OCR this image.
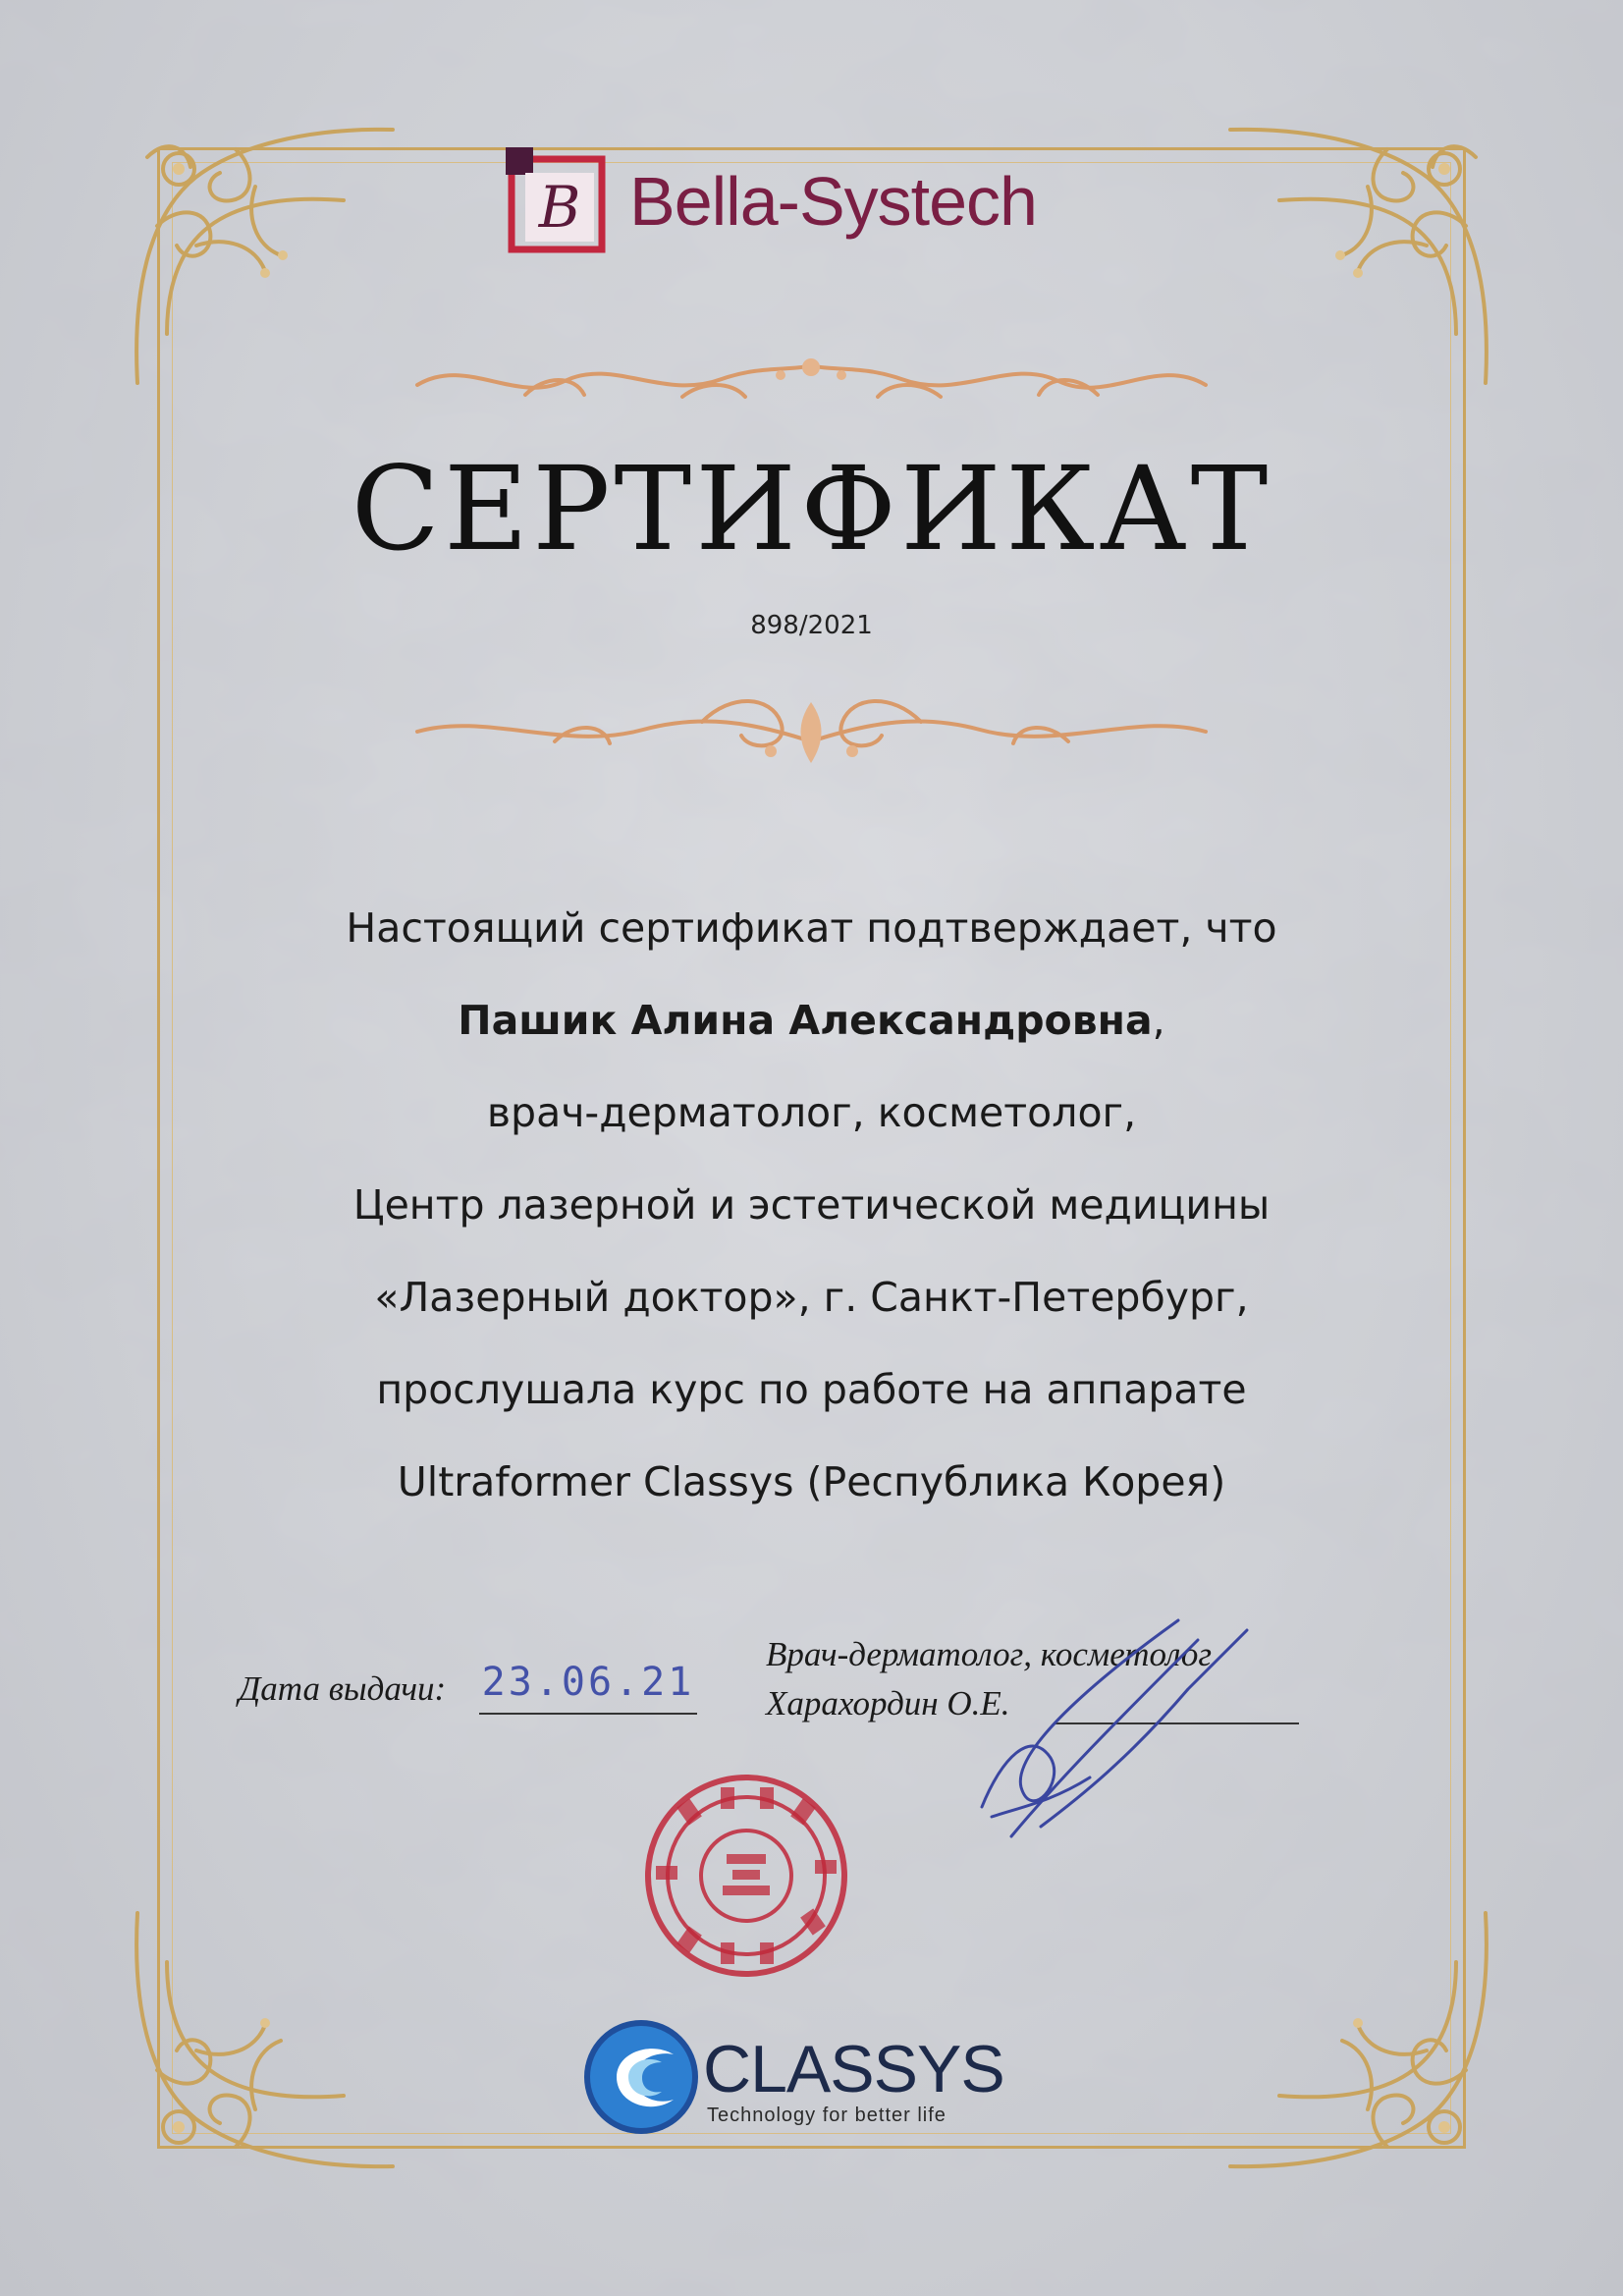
B Bella-Systech
СЕРТИФИКАТ
898/2021
Настоящий сертификат подтверждает, что
Пашик Алина Александровна,
врач-дерматолог, косметолог,
Центр лазерной и эстетической медицины
«Лазерный доктор», г. Санкт-Петербург,
прослушала курс по работе на аппарате
Ultraformer Classys (Республика Корея)
Дата выдачи: 23.06.21
Врач-дерматолог, косметолог
Харахордин О.Е.
CLASSYS
Technology for better life
